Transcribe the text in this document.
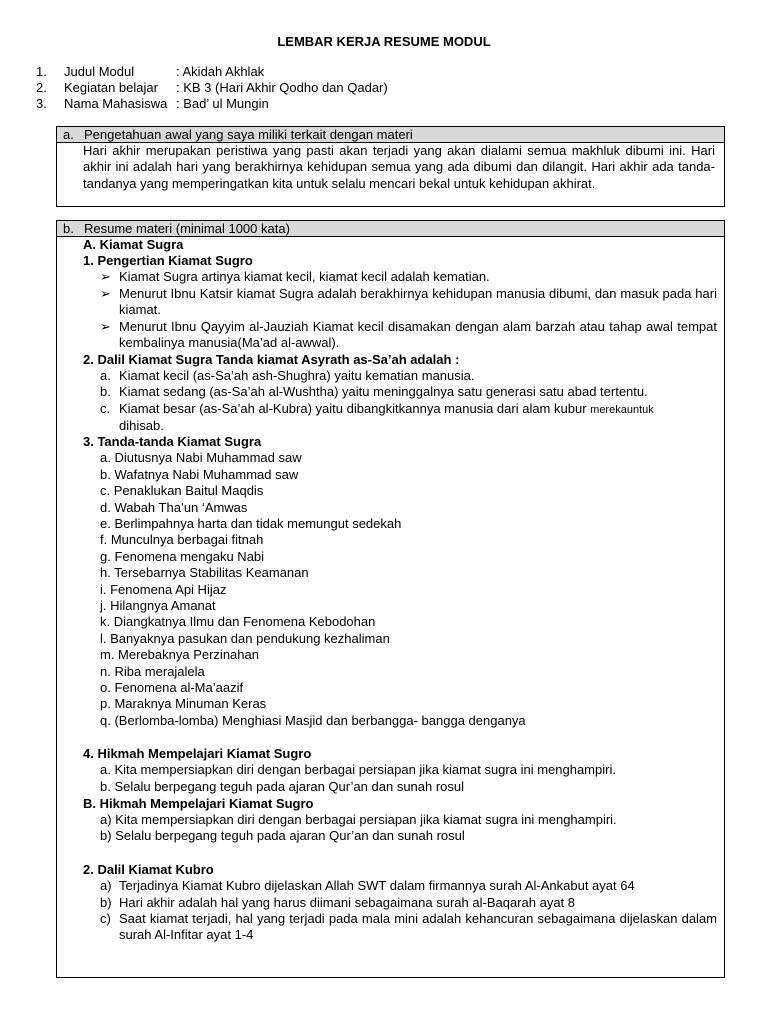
LEMBAR KERJA RESUME MODUL
1.	Judul Modul	: Akidah Akhlak
2.	Kegiatan belajar	: KB 3 (Hari Akhir Qodho dan Qadar)
3.	Nama Mahasiswa : Bad’ ul Mungin
a. Pengetahuan awal yang saya miliki terkait dengan materi
Hari akhir merupakan peristiwa yang pasti akan terjadi yang akan dialami semua makhluk dibumi ini. Hari akhir ini adalah hari yang berakhirnya kehidupan semua yang ada dibumi dan dilangit. Hari akhir ada tanda-tandanya yang memperingatkan kita untuk selalu mencari bekal untuk kehidupan akhirat.
b. Resume materi (minimal 1000 kata)
A. Kiamat Sugra
1. Pengertian Kiamat Sugro
➢ Kiamat Sugra artinya kiamat kecil, kiamat kecil adalah kematian.
➢ Menurut Ibnu Katsir kiamat Sugra adalah berakhirnya kehidupan manusia dibumi, dan masuk pada hari kiamat.
➢ Menurut Ibnu Qayyim al-Jauziah Kiamat kecil disamakan dengan alam barzah atau tahap awal tempat kembalinya manusia(Ma’ad al-awwal).
2. Dalil Kiamat Sugra Tanda kiamat Asyrath as-Sa’ah adalah :
a. Kiamat kecil (as-Sa’ah ash-Shughra) yaitu kematian manusia.
b. Kiamat sedang (as-Sa’ah al-Wushtha) yaitu meninggalnya satu generasi satu abad tertentu.
c. Kiamat besar (as-Sa’ah al-Kubra) yaitu dibangkitkannya manusia dari alam kubur merekauntuk
dihisab.
3. Tanda-tanda Kiamat Sugra
a. Diutusnya Nabi Muhammad saw
b. Wafatnya Nabi Muhammad saw
c. Penaklukan Baitul Maqdis
d. Wabah Tha’un ‘Amwas
e. Berlimpahnya harta dan tidak memungut sedekah
f. Munculnya berbagai fitnah
g. Fenomena mengaku Nabi
h. Tersebarnya Stabilitas Keamanan
i. Fenomena Api Hijaz
j. Hilangnya Amanat
k. Diangkatnya Ilmu dan Fenomena Kebodohan
l. Banyaknya pasukan dan pendukung kezhaliman
m. Merebaknya Perzinahan
n. Riba merajalela
o. Fenomena al-Ma’aazif
p. Maraknya Minuman Keras
q. (Berlomba-lomba) Menghiasi Masjid dan berbangga- bangga denganya
4. Hikmah Mempelajari Kiamat Sugro
a. Kita mempersiapkan diri dengan berbagai persiapan jika kiamat sugra ini menghampiri.
b. Selalu berpegang teguh pada ajaran Qur’an dan sunah rosul
B. Hikmah Mempelajari Kiamat Sugro
a) Kita mempersiapkan diri dengan berbagai persiapan jika kiamat sugra ini menghampiri.
b) Selalu berpegang teguh pada ajaran Qur’an dan sunah rosul
2. Dalil Kiamat Kubro
a) Terjadinya Kiamat Kubro dijelaskan Allah SWT dalam firmannya surah Al-Ankabut ayat 64
b) Hari akhir adalah hal yang harus diimani sebagaimana surah al-Baqarah ayat 8
c) Saat kiamat terjadi, hal yang terjadi pada mala mini adalah kehancuran sebagaimana dijelaskan dalam surah Al-Infitar ayat 1-4
